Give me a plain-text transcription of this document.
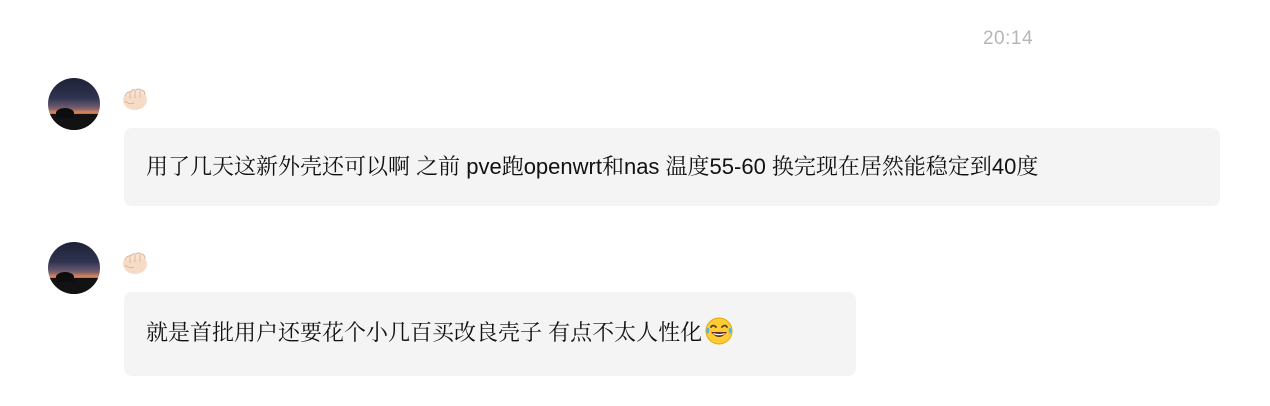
20:14
用了几天这新外壳还可以啊 之前 pve跑openwrt和nas 温度55-60 换完现在居然能稳定到40度
就是首批用户还要花个小几百买改良壳子 有点不太人性化
